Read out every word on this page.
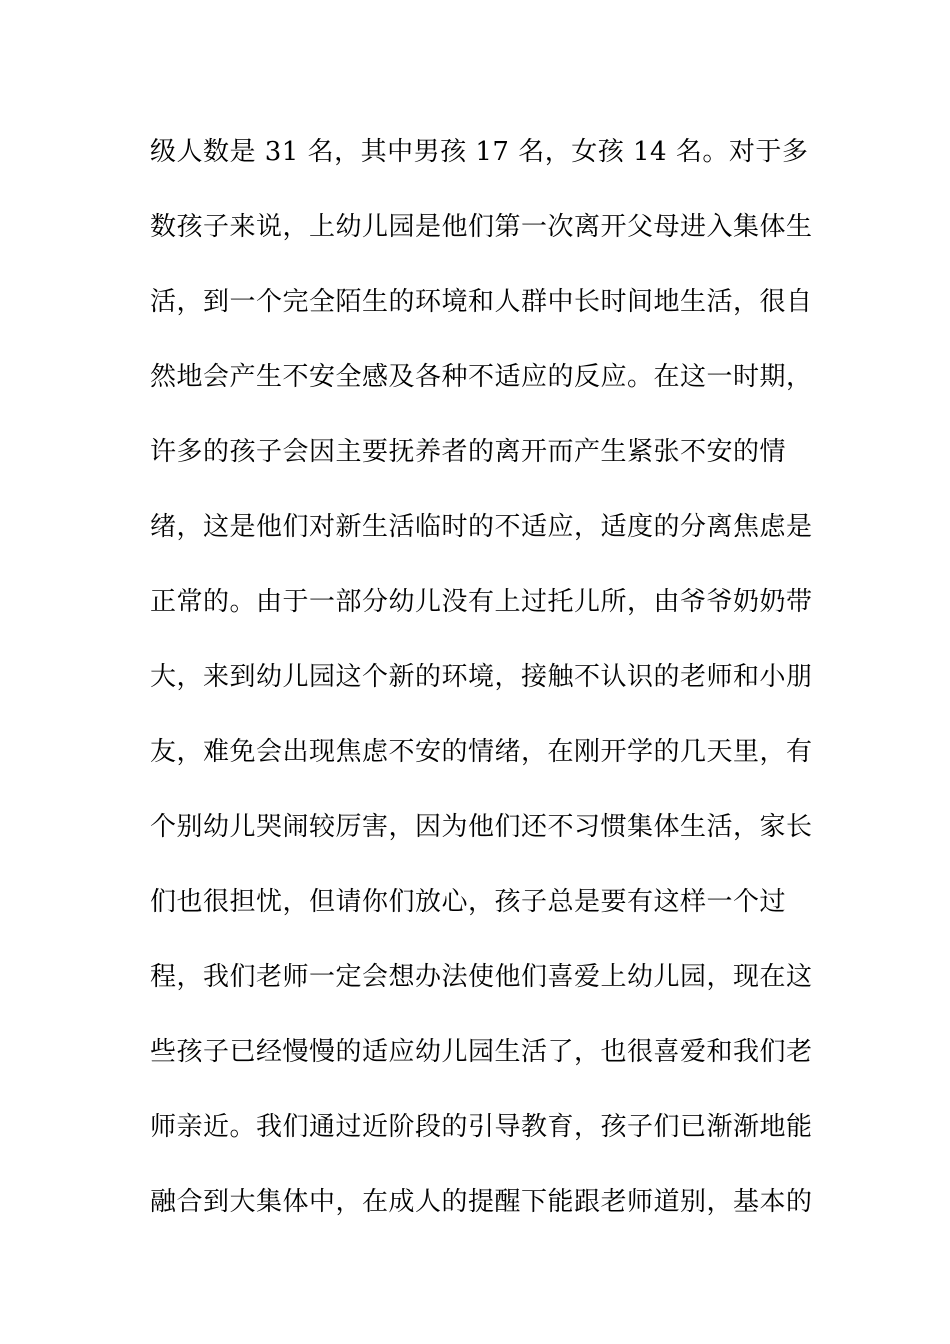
级人数是 31 名，其中男孩 17 名，女孩 14 名。对于多
数孩子来说，上幼儿园是他们第一次离开父母进入集体生
活，到一个完全陌生的环境和人群中长时间地生活，很自
然地会产生不安全感及各种不适应的反应。在这一时期，
许多的孩子会因主要抚养者的离开而产生紧张不安的情
绪，这是他们对新生活临时的不适应，适度的分离焦虑是
正常的。由于一部分幼儿没有上过托儿所，由爷爷奶奶带
大，来到幼儿园这个新的环境，接触不认识的老师和小朋
友，难免会出现焦虑不安的情绪，在刚开学的几天里，有
个别幼儿哭闹较厉害，因为他们还不习惯集体生活，家长
们也很担忧，但请你们放心，孩子总是要有这样一个过
程，我们老师一定会想办法使他们喜爱上幼儿园，现在这
些孩子已经慢慢的适应幼儿园生活了，也很喜爱和我们老
师亲近。我们通过近阶段的引导教育，孩子们已渐渐地能
融合到大集体中，在成人的提醒下能跟老师道别，基本的
